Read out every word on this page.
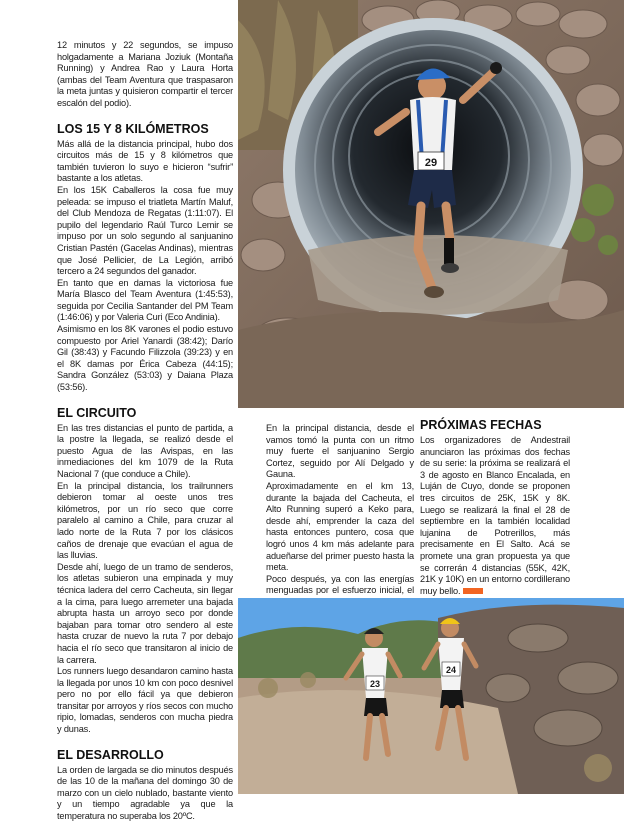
12 minutos y 22 segundos, se impuso holgadamente a Mariana Joziuk (Montaña Running) y Andrea Rao y Laura Horta (ambas del Team Aventura que traspasaron la meta juntas y quisieron compartir el tercer escalón del podio).

LOS 15 Y 8 KILÓMETROS

Más allá de la distancia principal, hubo dos circuitos más de 15 y 8 kilómetros que también tuvieron lo suyo e hicieron “sufrir” bastante a los atletas.

En los 15K Caballeros la cosa fue muy peleada: se impuso el triatleta Martín Maluf, del Club Mendoza de Regatas (1:11:07). El pupilo del legendario Raúl Turco Lemir se impuso por un solo segundo al sanjuanino Cristian Pastén (Gacelas Andinas), mientras que José Pellicier, de La Legión, arribó tercero a 24 segundos del ganador.

En tanto que en damas la victoriosa fue María Blasco del Team Aventura (1:45:53), seguida por Cecilia Santander del PM Team (1:46:06) y por Valeria Curi (Eco Andinia).

Asimismo en los 8K varones el podio estuvo compuesto por Ariel Yanardi (38:42); Darío Gil (38:43) y Facundo Filizzola (39:23) y en el 8K damas por Érica Cabeza (44:15); Sandra González (53:03) y Daiana Plaza (53:56).

EL CIRCUITO

En las tres distancias el punto de partida, a la postre la llegada, se realizó desde el puesto Agua de las Avispas, en las inmediaciones del km 1079 de la Ruta Nacional 7 (que conduce a Chile).

En la principal distancia, los trailrunners debieron tomar al oeste unos tres kilómetros, por un río seco que corre paralelo al camino a Chile, para cruzar al lado norte de la Ruta 7 por los clásicos caños de drenaje que evacúan el agua de las lluvias.

Desde ahí, luego de un tramo de senderos, los atletas subieron una empinada y muy técnica ladera del cerro Cacheuta, sin llegar a la cima, para luego arremeter una bajada abrupta hasta un arroyo seco por donde bajaban para tomar otro sendero al este hasta cruzar de nuevo la ruta 7 por debajo hacia el río seco que transitaron al inicio de la carrera.

Los runners luego desandaron camino hasta la llegada por unos 10 km con poco desnivel pero no por ello fácil ya que debieron transitar por arroyos y ríos secos con mucho ripio, lomadas, senderos con mucha piedra y dunas.

EL DESARROLLO

La orden de largada se dio minutos después de las 10 de la mañana del domingo 30 de marzo con un cielo nublado, bastante viento y un tiempo agradable ya que la temperatura no superaba los 20ºC.

29

En la principal distancia, desde el vamos tomó la punta con un ritmo muy fuerte el sanjuanino Sergio Cortez, seguido por Alí Delgado y Gauna.

Aproximadamente en el km 13, durante la bajada del Cacheuta, el Alto Running superó a Keko para, desde ahí, emprender la caza del hasta entonces puntero, cosa que logró unos 4 km más adelante para adueñarse del primer puesto hasta la meta.

Poco después, ya con las energías menguadas por el esfuerzo inicial, el

PRÓXIMAS FECHAS

Los organizadores de Andestrail anunciaron las próximas dos fechas de su serie: la próxima se realizará el 3 de agosto en Blanco Encalada, en Luján de Cuyo, donde se proponen tres circuitos de 25K, 15K y 8K. Luego se realizará la final el 28 de septiembre en la también localidad lujanina de Potrerillos, más precisamente en El Salto. Acá se promete una gran propuesta ya que se correrán 4 distancias (55K, 42K, 21K y 10K) en un entorno cordillerano muy bello.

23
24
